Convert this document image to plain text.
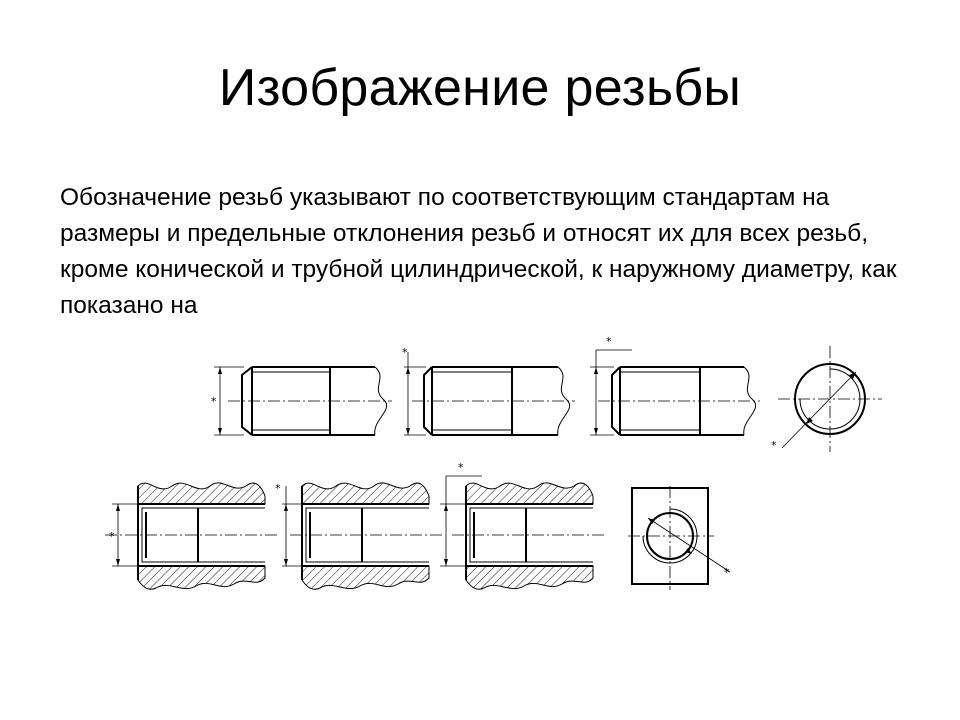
Изображение резьбы

Обозначение резьб указывают по соответствующим стандартам на размеры и предельные отклонения резьб и относят их для всех резьб, кроме конической и трубной цилиндрической, к наружному диаметру, как показано на

*
*
*
*
*
*
*
*
